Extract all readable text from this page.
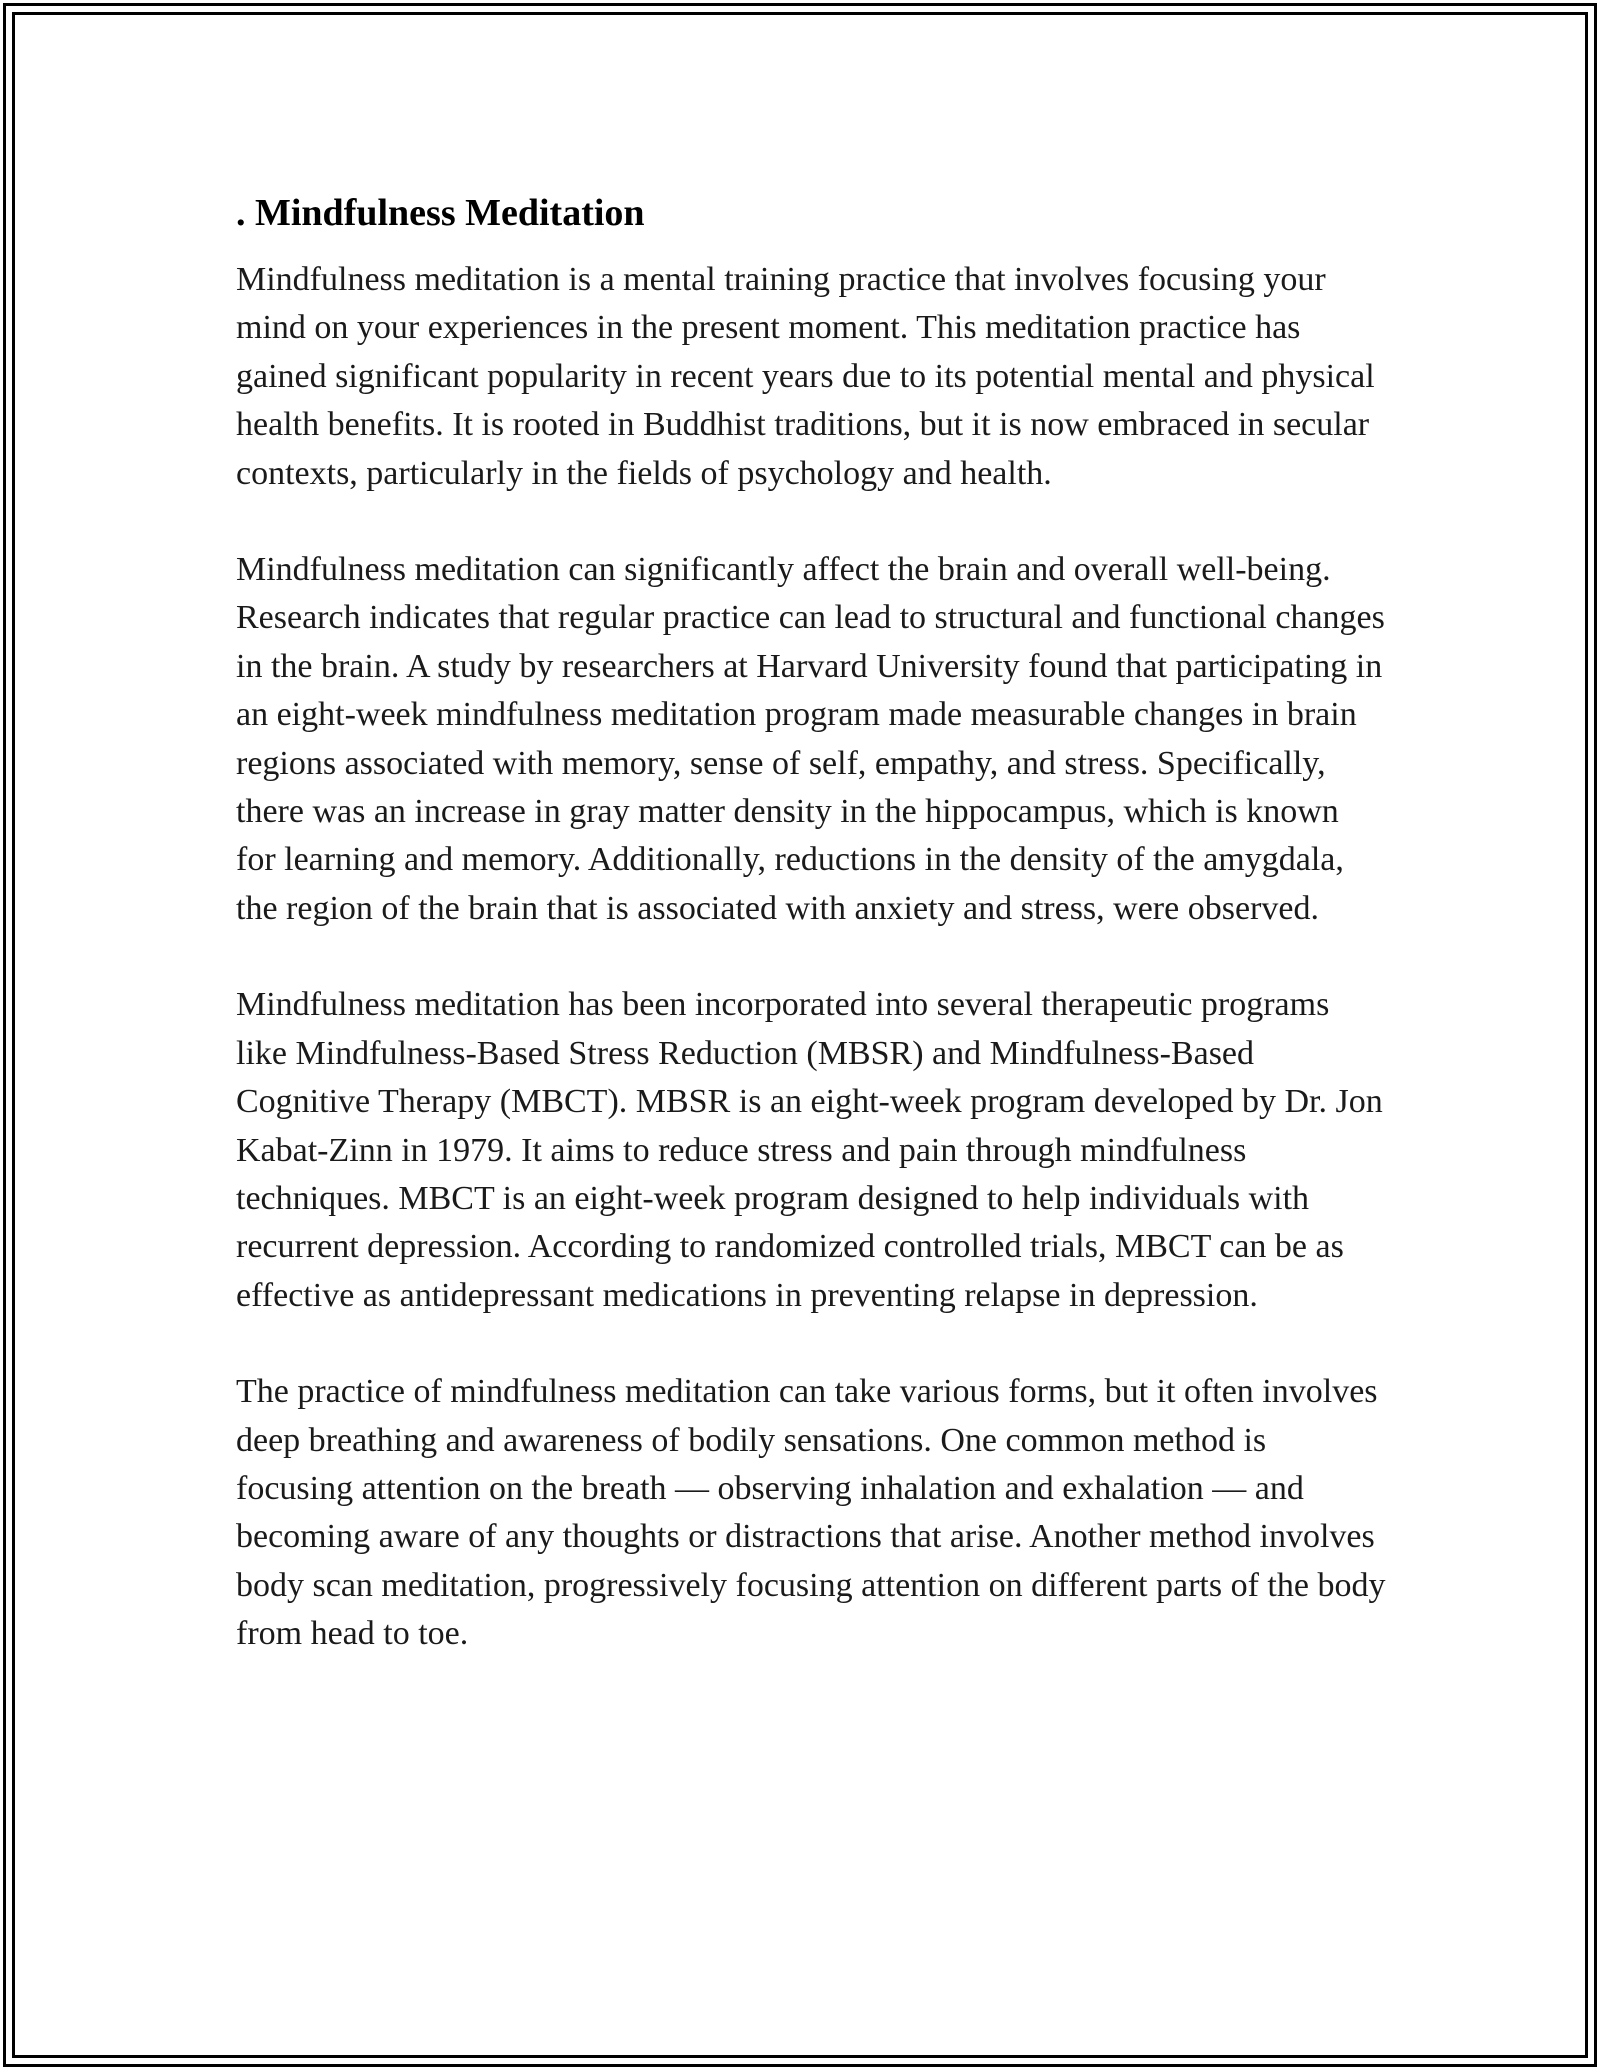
. Mindfulness Meditation

Mindfulness meditation is a mental training practice that involves focusing your mind on your experiences in the present moment. This meditation practice has gained significant popularity in recent years due to its potential mental and physical health benefits. It is rooted in Buddhist traditions, but it is now embraced in secular contexts, particularly in the fields of psychology and health.

Mindfulness meditation can significantly affect the brain and overall well-being. Research indicates that regular practice can lead to structural and functional changes in the brain. A study by researchers at Harvard University found that participating in an eight-week mindfulness meditation program made measurable changes in brain regions associated with memory, sense of self, empathy, and stress. Specifically, there was an increase in gray matter density in the hippocampus, which is known for learning and memory. Additionally, reductions in the density of the amygdala, the region of the brain that is associated with anxiety and stress, were observed.

Mindfulness meditation has been incorporated into several therapeutic programs like Mindfulness-Based Stress Reduction (MBSR) and Mindfulness-Based Cognitive Therapy (MBCT). MBSR is an eight-week program developed by Dr. Jon Kabat-Zinn in 1979. It aims to reduce stress and pain through mindfulness techniques. MBCT is an eight-week program designed to help individuals with recurrent depression. According to randomized controlled trials, MBCT can be as effective as antidepressant medications in preventing relapse in depression.

The practice of mindfulness meditation can take various forms, but it often involves deep breathing and awareness of bodily sensations. One common method is focusing attention on the breath — observing inhalation and exhalation — and becoming aware of any thoughts or distractions that arise. Another method involves body scan meditation, progressively focusing attention on different parts of the body from head to toe.
